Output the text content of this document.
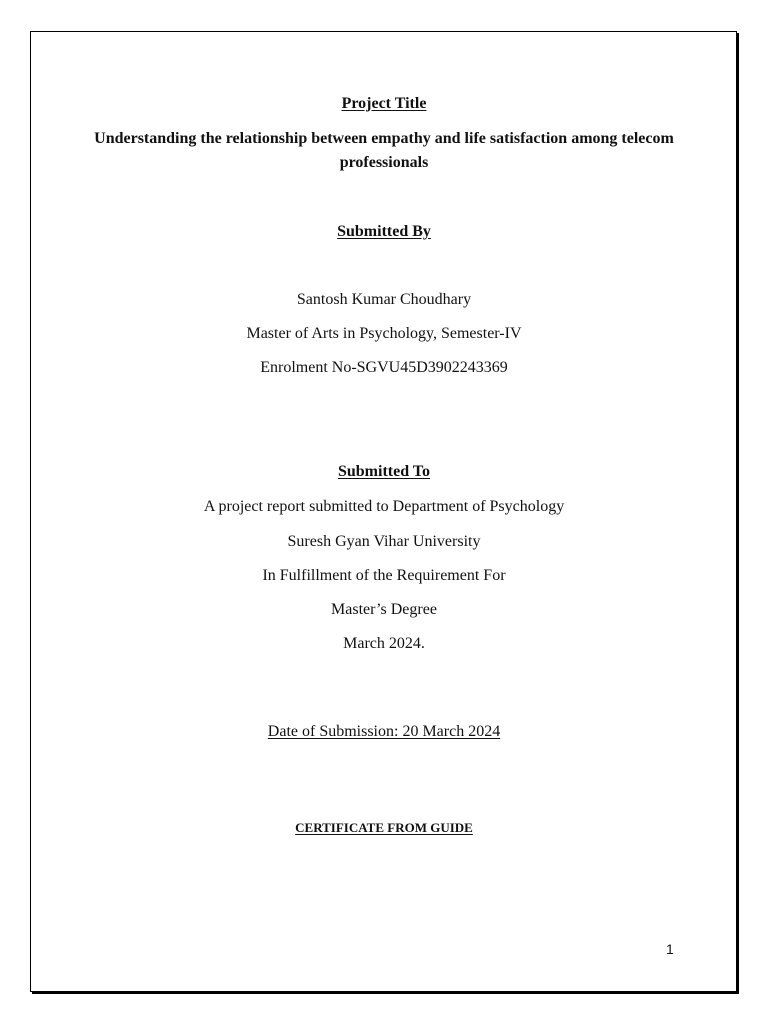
Project Title
Understanding the relationship between empathy and life satisfaction among telecom professionals
Submitted By
Santosh Kumar Choudhary
Master of Arts in Psychology, Semester-IV
Enrolment No-SGVU45D3902243369
Submitted To
A project report submitted to Department of Psychology
Suresh Gyan Vihar University
In Fulfillment of the Requirement For
Master’s Degree
March 2024.
Date of Submission: 20 March 2024
CERTIFICATE FROM GUIDE
1
